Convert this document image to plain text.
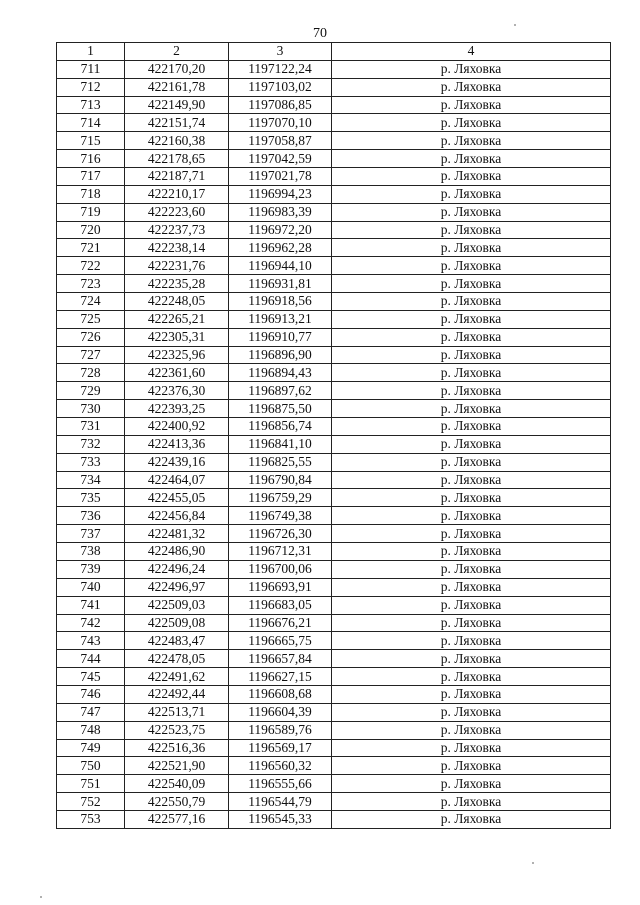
70
1	2	3	4
711	422170,20	1197122,24	р. Ляховка
712	422161,78	1197103,02	р. Ляховка
713	422149,90	1197086,85	р. Ляховка
714	422151,74	1197070,10	р. Ляховка
715	422160,38	1197058,87	р. Ляховка
716	422178,65	1197042,59	р. Ляховка
717	422187,71	1197021,78	р. Ляховка
718	422210,17	1196994,23	р. Ляховка
719	422223,60	1196983,39	р. Ляховка
720	422237,73	1196972,20	р. Ляховка
721	422238,14	1196962,28	р. Ляховка
722	422231,76	1196944,10	р. Ляховка
723	422235,28	1196931,81	р. Ляховка
724	422248,05	1196918,56	р. Ляховка
725	422265,21	1196913,21	р. Ляховка
726	422305,31	1196910,77	р. Ляховка
727	422325,96	1196896,90	р. Ляховка
728	422361,60	1196894,43	р. Ляховка
729	422376,30	1196897,62	р. Ляховка
730	422393,25	1196875,50	р. Ляховка
731	422400,92	1196856,74	р. Ляховка
732	422413,36	1196841,10	р. Ляховка
733	422439,16	1196825,55	р. Ляховка
734	422464,07	1196790,84	р. Ляховка
735	422455,05	1196759,29	р. Ляховка
736	422456,84	1196749,38	р. Ляховка
737	422481,32	1196726,30	р. Ляховка
738	422486,90	1196712,31	р. Ляховка
739	422496,24	1196700,06	р. Ляховка
740	422496,97	1196693,91	р. Ляховка
741	422509,03	1196683,05	р. Ляховка
742	422509,08	1196676,21	р. Ляховка
743	422483,47	1196665,75	р. Ляховка
744	422478,05	1196657,84	р. Ляховка
745	422491,62	1196627,15	р. Ляховка
746	422492,44	1196608,68	р. Ляховка
747	422513,71	1196604,39	р. Ляховка
748	422523,75	1196589,76	р. Ляховка
749	422516,36	1196569,17	р. Ляховка
750	422521,90	1196560,32	р. Ляховка
751	422540,09	1196555,66	р. Ляховка
752	422550,79	1196544,79	р. Ляховка
753	422577,16	1196545,33	р. Ляховка
